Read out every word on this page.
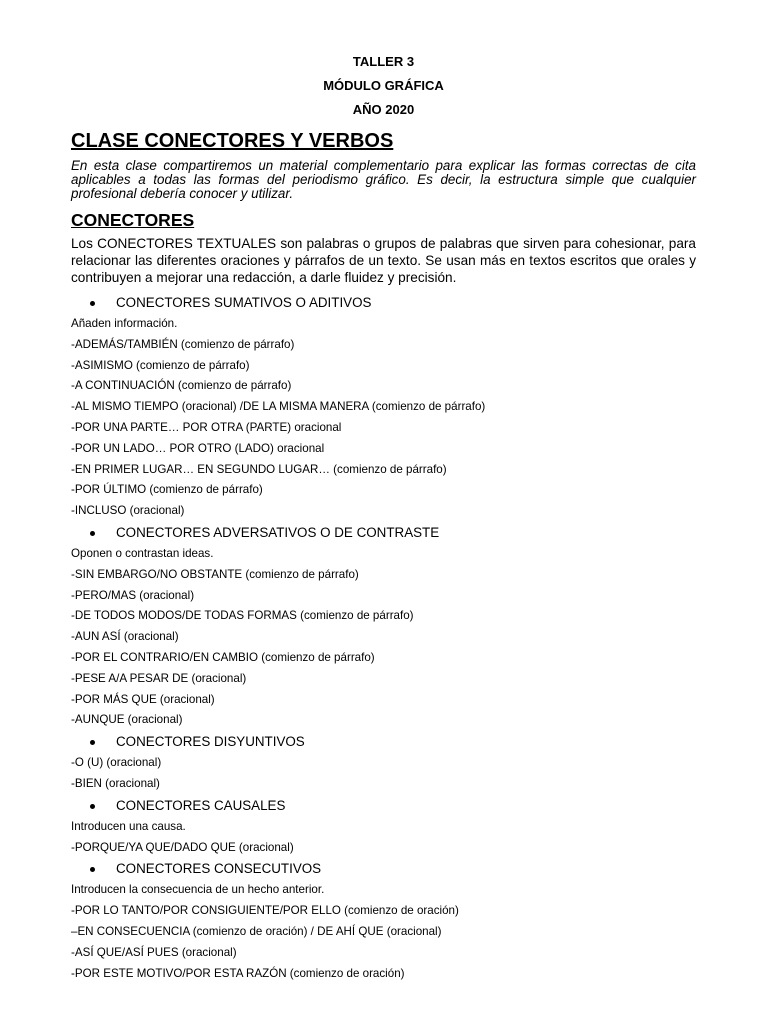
TALLER 3
MÓDULO GRÁFICA
AÑO 2020
CLASE CONECTORES Y VERBOS

En esta clase compartiremos un material complementario para explicar las formas correctas de cita aplicables a todas las formas del periodismo gráfico. Es decir, la estructura simple que cualquier profesional debería conocer y utilizar.

CONECTORES

Los CONECTORES TEXTUALES son palabras o grupos de palabras que sirven para cohesionar, para relacionar las diferentes oraciones y párrafos de un texto. Se usan más en textos escritos que orales y contribuyen a mejorar una redacción, a darle fluidez y precisión.

CONECTORES SUMATIVOS O ADITIVOS
Añaden información.
-ADEMÁS/TAMBIÉN (comienzo de párrafo)
-ASIMISMO (comienzo de párrafo)
-A CONTINUACIÓN (comienzo de párrafo)
-AL MISMO TIEMPO (oracional) /DE LA MISMA MANERA (comienzo de párrafo)
-POR UNA PARTE… POR OTRA (PARTE) oracional
-POR UN LADO… POR OTRO (LADO) oracional
-EN PRIMER LUGAR… EN SEGUNDO LUGAR… (comienzo de párrafo)
-POR ÚLTIMO (comienzo de párrafo)
-INCLUSO (oracional)
CONECTORES ADVERSATIVOS O DE CONTRASTE
Oponen o contrastan ideas.
-SIN EMBARGO/NO OBSTANTE (comienzo de párrafo)
-PERO/MAS (oracional)
-DE TODOS MODOS/DE TODAS FORMAS (comienzo de párrafo)
-AUN ASÍ (oracional)
-POR EL CONTRARIO/EN CAMBIO (comienzo de párrafo)
-PESE A/A PESAR DE (oracional)
-POR MÁS QUE (oracional)
-AUNQUE (oracional)
CONECTORES DISYUNTIVOS
-O (U) (oracional)
-BIEN (oracional)
CONECTORES CAUSALES
Introducen una causa.
-PORQUE/YA QUE/DADO QUE (oracional)
CONECTORES CONSECUTIVOS
Introducen la consecuencia de un hecho anterior.
-POR LO TANTO/POR CONSIGUIENTE/POR ELLO (comienzo de oración)
–EN CONSECUENCIA (comienzo de oración) / DE AHÍ QUE (oracional)
-ASÍ QUE/ASÍ PUES (oracional)
-POR ESTE MOTIVO/POR ESTA RAZÓN (comienzo de oración)
